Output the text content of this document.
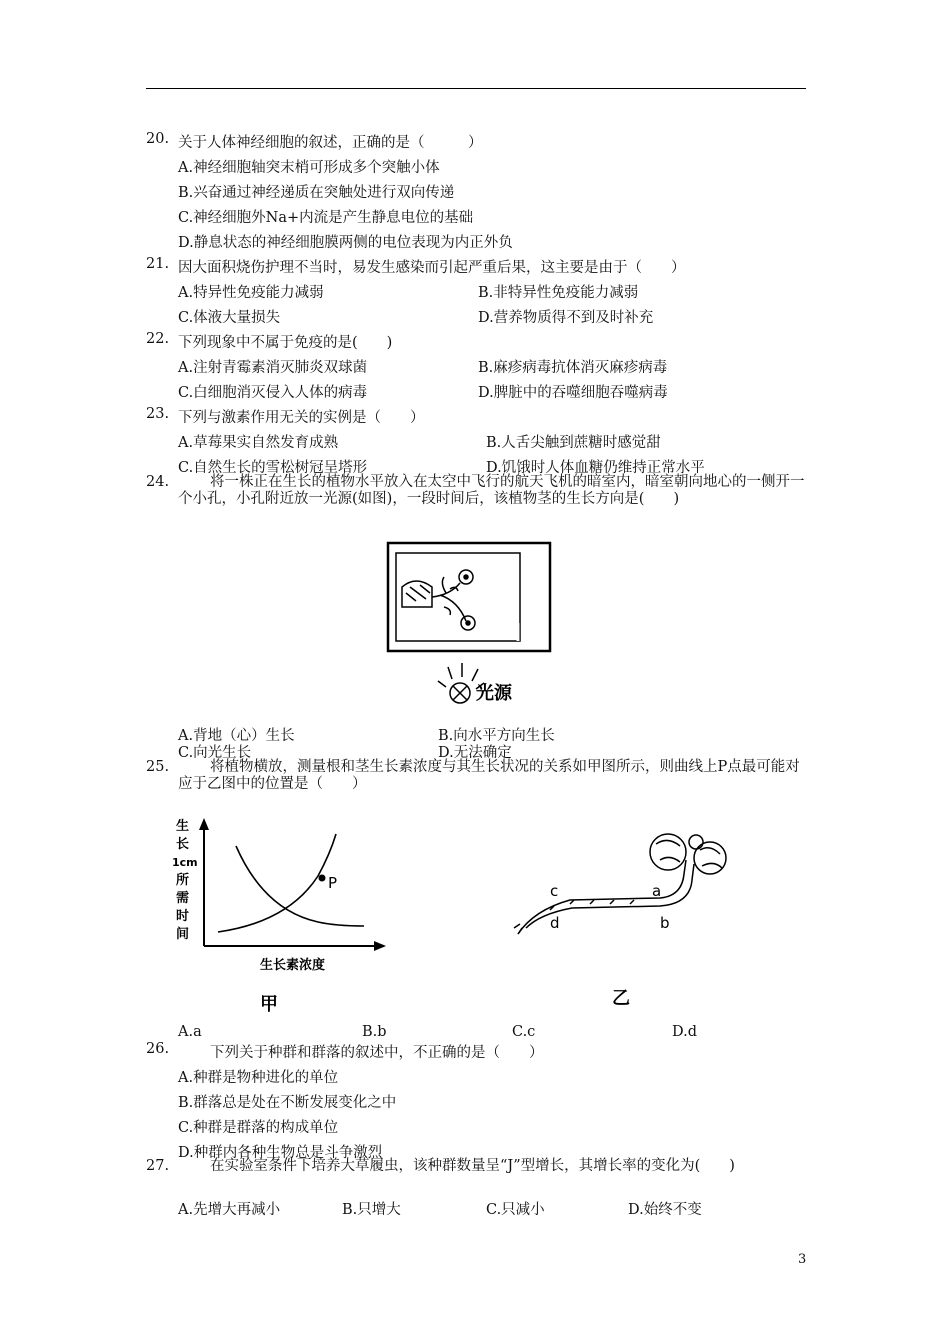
20. 关于人体神经细胞的叙述，正确的是（　　　）
A.神经细胞轴突末梢可形成多个突触小体
B.兴奋通过神经递质在突触处进行双向传递
C.神经细胞外Na+内流是产生静息电位的基础
D.静息状态的神经细胞膜两侧的电位表现为内正外负
21. 因大面积烧伤护理不当时，易发生感染而引起严重后果，这主要是由于（　　）
A.特异性免疫能力减弱	B.非特异性免疫能力减弱
C.体液大量损失	D.营养物质得不到及时补充
22. 下列现象中不属于免疫的是(　　)
A.注射青霉素消灭肺炎双球菌	B.麻疹病毒抗体消灭麻疹病毒
C.白细胞消灭侵入人体的病毒	D.脾脏中的吞噬细胞吞噬病毒
23. 下列与激素作用无关的实例是（　　）
A.草莓果实自然发育成熟	B.人舌尖触到蔗糖时感觉甜
C.自然生长的雪松树冠呈塔形	D.饥饿时人体血糖仍维持正常水平
24.	将一株正在生长的植物水平放入在太空中飞行的航天飞机的暗室内，暗室朝向地心的一侧开一个小孔，小孔附近放一光源(如图)，一段时间后，该植物茎的生长方向是(　　)
光源
A.背地（心）生长	B.向水平方向生长
C.向光生长	D.无法确定
25.	将植物横放，测量根和茎生长素浓度与其生长状况的关系如甲图所示，则曲线上P点最可能对应于乙图中的位置是（　　）
生
长
1cm
所
需
时
间
P
生长素浓度
甲
c
d
a
b
乙
A.a	B.b	C.c	D.d
26.	下列关于种群和群落的叙述中，不正确的是（　　）
A.种群是物种进化的单位
B.群落总是处在不断发展变化之中
C.种群是群落的构成单位
D.种群内各种生物总是斗争激烈
27.	在实验室条件下培养大草履虫，该种群数量呈“J”型增长，其增长率的变化为(　　)
A.先增大再减小	B.只增大	C.只减小	D.始终不变
3
